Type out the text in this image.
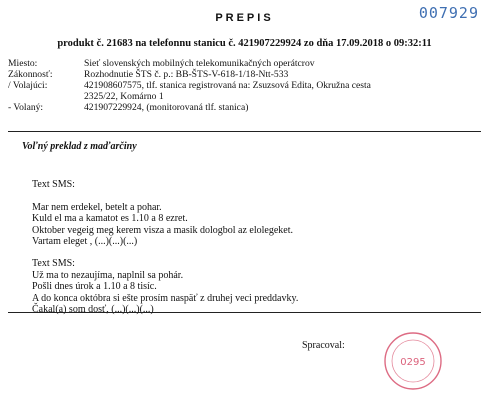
007929
PREPIS
produkt č. 21683 na telefonnu stanicu č. 421907229924 zo dňa 17.09.2018 o 09:32:11
Miesto:	Sieť slovenských mobilných telekomunikačných operátcrov
Zákonnosť:	Rozhodnutie ŠTS č. p.: BB-ŠTS-V-618-1/18-Ntt-533
/ Volajúci:	421908607575, tlf. stanica registrovaná na: Zsuzsová Edita, Okružna cesta
2325/22, Komárno 1
- Volaný:	421907229924, (monitorovaná tlf. stanica)
Voľný preklad z maďarčiny
Text SMS:
Mar nem erdekel, betelt a pohar.
Kuld el ma a kamatot es 1.10 a 8 ezret.
Oktober vegeig meg kerem visza a masik dologbol az elolegeket.
Vartam eleget , (...)(...)(...)
Text SMS:
Už ma to nezaujíma, naplnil sa pohár.
Pošli dnes úrok a 1.10 a 8 tisíc.
A do konca októbra si ešte prosím naspäť z druhej veci preddavky.
Čakal(a) som dosť, (...)(...)(...)
Spracoval:
0295
